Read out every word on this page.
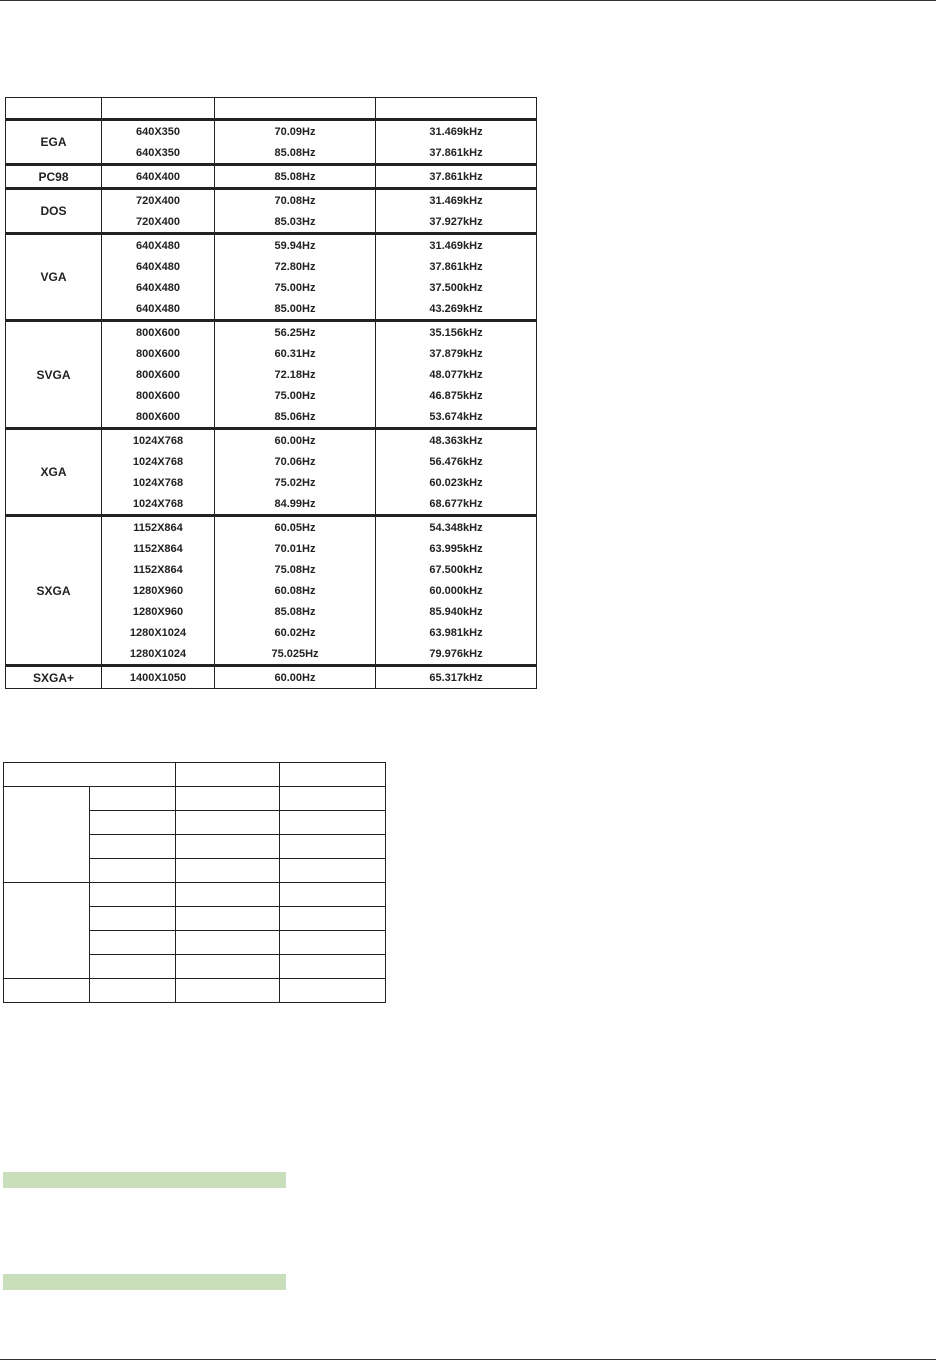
EGA	640X350	70.09Hz	31.469kHz
	640X350	85.08Hz	37.861kHz
PC98	640X400	85.08Hz	37.861kHz
DOS	720X400	70.08Hz	31.469kHz
	720X400	85.03Hz	37.927kHz
VGA	640X480	59.94Hz	31.469kHz
	640X480	72.80Hz	37.861kHz
	640X480	75.00Hz	37.500kHz
	640X480	85.00Hz	43.269kHz
SVGA	800X600	56.25Hz	35.156kHz
	800X600	60.31Hz	37.879kHz
	800X600	72.18Hz	48.077kHz
	800X600	75.00Hz	46.875kHz
	800X600	85.06Hz	53.674kHz
XGA	1024X768	60.00Hz	48.363kHz
	1024X768	70.06Hz	56.476kHz
	1024X768	75.02Hz	60.023kHz
	1024X768	84.99Hz	68.677kHz
SXGA	1152X864	60.05Hz	54.348kHz
	1152X864	70.01Hz	63.995kHz
	1152X864	75.08Hz	67.500kHz
	1280X960	60.08Hz	60.000kHz
	1280X960	85.08Hz	85.940kHz
	1280X1024	60.02Hz	63.981kHz
	1280X1024	75.025Hz	79.976kHz
SXGA+	1400X1050	60.00Hz	65.317kHz
